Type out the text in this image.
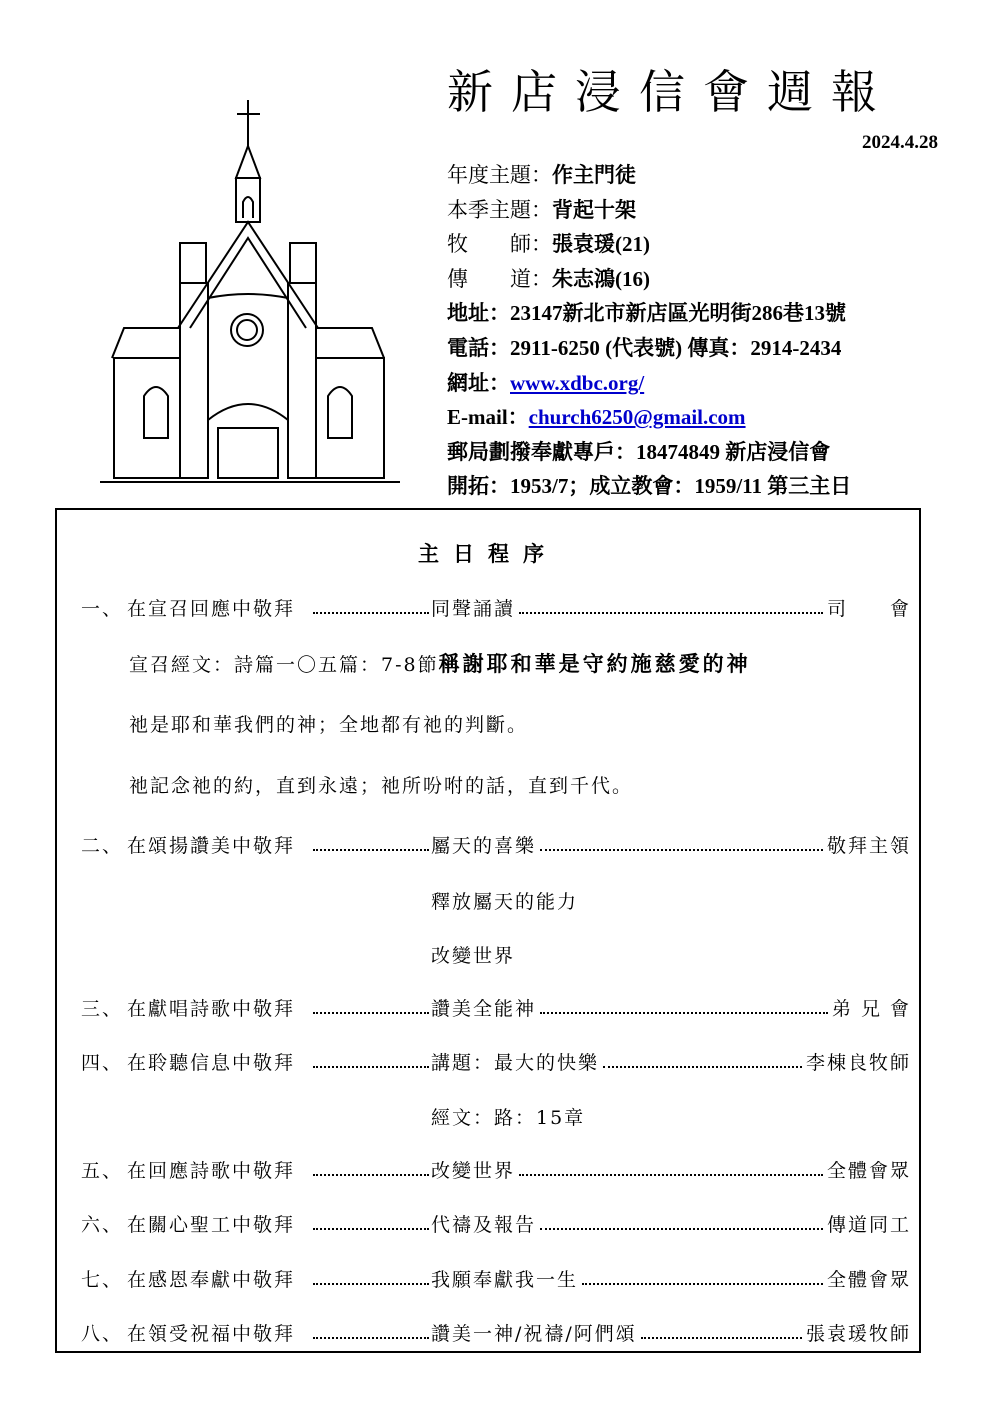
新店浸信會週報
2024.4.28
年度主題：作主門徒
本季主題：背起十架
牧　　師：張袁瑗(21)
傳　　道：朱志鴻(16)
地址：23147新北市新店區光明街286巷13號
電話：2911-6250 (代表號) 傳真：2914-2434
網址：www.xdbc.org/
E-mail：church6250@gmail.com
郵局劃撥奉獻專戶：18474849 新店浸信會
開拓：1953/7；成立教會：1959/11 第三主日
主日程序
宣召經文：詩篇一〇五篇：7-8節稱謝耶和華是守約施慈愛的神
祂是耶和華我們的神；全地都有祂的判斷。
祂記念祂的約，直到永遠；祂所吩咐的話，直到千代。
釋放屬天的能力
改變世界
經文：路：15章
一、 在宣召回應中敬拜	同聲誦讀	司　　會
二、 在頌揚讚美中敬拜	屬天的喜樂	敬拜主領
三、 在獻唱詩歌中敬拜	讚美全能神	弟 兄 會
四、 在聆聽信息中敬拜	講題：最大的快樂	李棟良牧師
五、 在回應詩歌中敬拜	改變世界	全體會眾
六、 在關心聖工中敬拜	代禱及報告	傳道同工
七、 在感恩奉獻中敬拜	我願奉獻我一生	全體會眾
八、 在領受祝福中敬拜	讚美一神/祝禱/阿們頌	張袁瑗牧師
